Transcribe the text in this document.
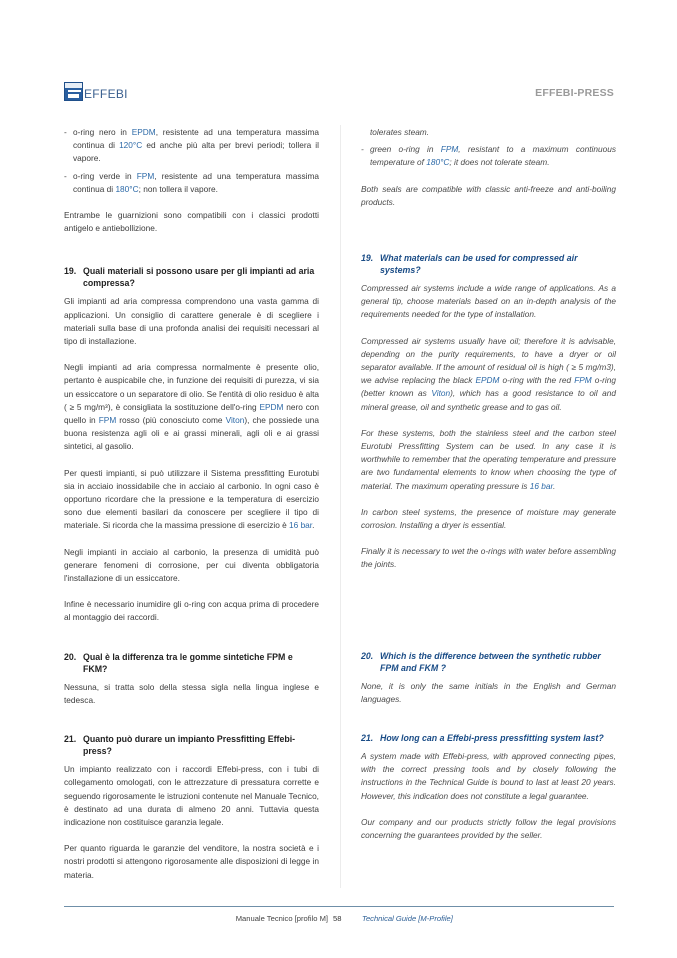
EFFEBI	EFFEBI-PRESS

- o-ring nero in EPDM, resistente ad una temperatura massima continua di 120°C ed anche più alta per brevi periodi; tollera il vapore.

- o-ring verde in FPM, resistente ad una temperatura massima continua di 180°C; non tollera il vapore.

Entrambe le guarnizioni sono compatibili con i classici prodotti antigelo e antiebollizione.

19. Quali materiali si possono usare per gli impianti ad aria compressa?

Gli impianti ad aria compressa comprendono una vasta gamma di applicazioni. Un consiglio di carattere generale è di scegliere i materiali sulla base di una profonda analisi dei requisiti necessari al tipo di installazione.

Negli impianti ad aria compressa normalmente è presente olio, pertanto è auspicabile che, in funzione dei requisiti di purezza, vi sia un essiccatore o un separatore di olio. Se l'entità di olio residuo è alta ( ≥ 5 mg/m³), è consigliata la sostituzione dell'o-ring EPDM nero con quello in FPM rosso (più conosciuto come Viton), che possiede una buona resistenza agli oli e ai grassi minerali, agli oli e ai grassi sintetici, al gasolio.

Per questi impianti, si può utilizzare il Sistema pressfitting Eurotubi sia in acciaio inossidabile che in acciaio al carbonio. In ogni caso è opportuno ricordare che la pressione e la temperatura di esercizio sono due elementi basilari da conoscere per scegliere il tipo di materiale. Si ricorda che la massima pressione di esercizio è 16 bar.

Negli impianti in acciaio al carbonio, la presenza di umidità può generare fenomeni di corrosione, per cui diventa obbligatoria l'installazione di un essiccatore.

Infine è necessario inumidire gli o-ring con acqua prima di procedere al montaggio dei raccordi.

20. Qual è la differenza tra le gomme sintetiche FPM e FKM?

Nessuna, si tratta solo della stessa sigla nella lingua inglese e tedesca.

21. Quanto può durare un impianto Pressfitting Effebi-press?

Un impianto realizzato con i raccordi Effebi-press, con i tubi di collegamento omologati, con le attrezzature di pressatura corrette e seguendo rigorosamente le istruzioni contenute nel Manuale Tecnico, è destinato ad una durata di almeno 20 anni. Tuttavia questa indicazione non costituisce garanzia legale.

Per quanto riguarda le garanzie del venditore, la nostra società e i nostri prodotti si attengono rigorosamente alle disposizioni di legge in materia.

tolerates steam.

- green o-ring in FPM, resistant to a maximum continuous temperature of 180°C; it does not tolerate steam.

Both seals are compatible with classic anti-freeze and anti-boiling products.

19. What materials can be used for compressed air systems?

Compressed air systems include a wide range of applications. As a general tip, choose materials based on an in-depth analysis of the requirements needed for the type of installation.

Compressed air systems usually have oil; therefore it is advisable, depending on the purity requirements, to have a dryer or oil separator available. If the amount of residual oil is high ( ≥ 5 mg/m3), we advise replacing the black EPDM o-ring with the red FPM o-ring (better known as Viton), which has a good resistance to oil and mineral grease, oil and synthetic grease and to gas oil.

For these systems, both the stainless steel and the carbon steel Eurotubi Pressfitting System can be used. In any case it is worthwhile to remember that the operating temperature and pressure are two fundamental elements to know when choosing the type of material. The maximum operating pressure is 16 bar.

In carbon steel systems, the presence of moisture may generate corrosion. Installing a dryer is essential.

Finally it is necessary to wet the o-rings with water before assembling the joints.

20. Which is the difference between the synthetic rubber FPM and FKM ?

None, it is only the same initials in the English and German languages.

21. How long can a Effebi-press pressfitting system last?

A system made with Effebi-press, with approved connecting pipes, with the correct pressing tools and by closely following the instructions in the Technical Guide is bound to last at least 20 years. However, this indication does not constitute a legal guarantee.

Our company and our products strictly follow the legal provisions concerning the guarantees provided by the seller.

Manuale Tecnico [profilo M] 58	Technical Guide [M-Profile]
